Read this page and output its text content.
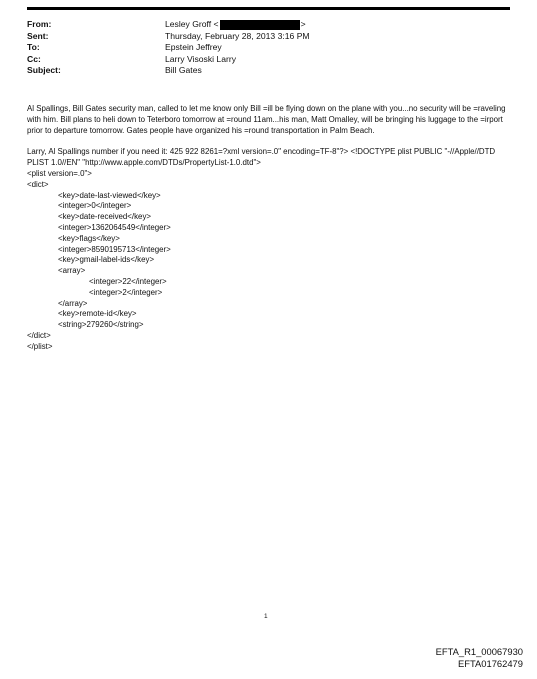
From:	Lesley Groff <	>
Sent:	Thursday, February 28, 2013 3:16 PM
To:	Epstein Jeffrey
Cc:	Larry Visoski Larry
Subject:	Bill Gates

Al Spallings, Bill Gates security man, called to let me know only Bill =ill be flying down on the plane with you...no security will be =raveling with him. Bill plans to heli down to Teterboro tomorrow at =round 11am...his man, Matt Omalley, will be bringing his luggage to the =irport prior to departure tomorrow. Gates people have organized his =round transportation in Palm Beach.

Larry, Al Spallings number if you need it: 425 922 8261=?xml version=.0" encoding=TF-8"?> <!DOCTYPE plist PUBLIC "-//Apple//DTD PLIST 1.0//EN" "http://www.apple.com/DTDs/PropertyList-1.0.dtd">
<plist version=.0">
<dict>
<key>date-last-viewed</key>
<integer>0</integer>
<key>date-received</key>
<integer>1362064549</integer>
<key>flags</key>
<integer>8590195713</integer>
<key>gmail-label-ids</key>
<array>
<integer>22</integer>
<integer>2</integer>
</array>
<key>remote-id</key>
<string>279260</string>
</dict>
</plist>
1
EFTA_R1_00067930
EFTA01762479
